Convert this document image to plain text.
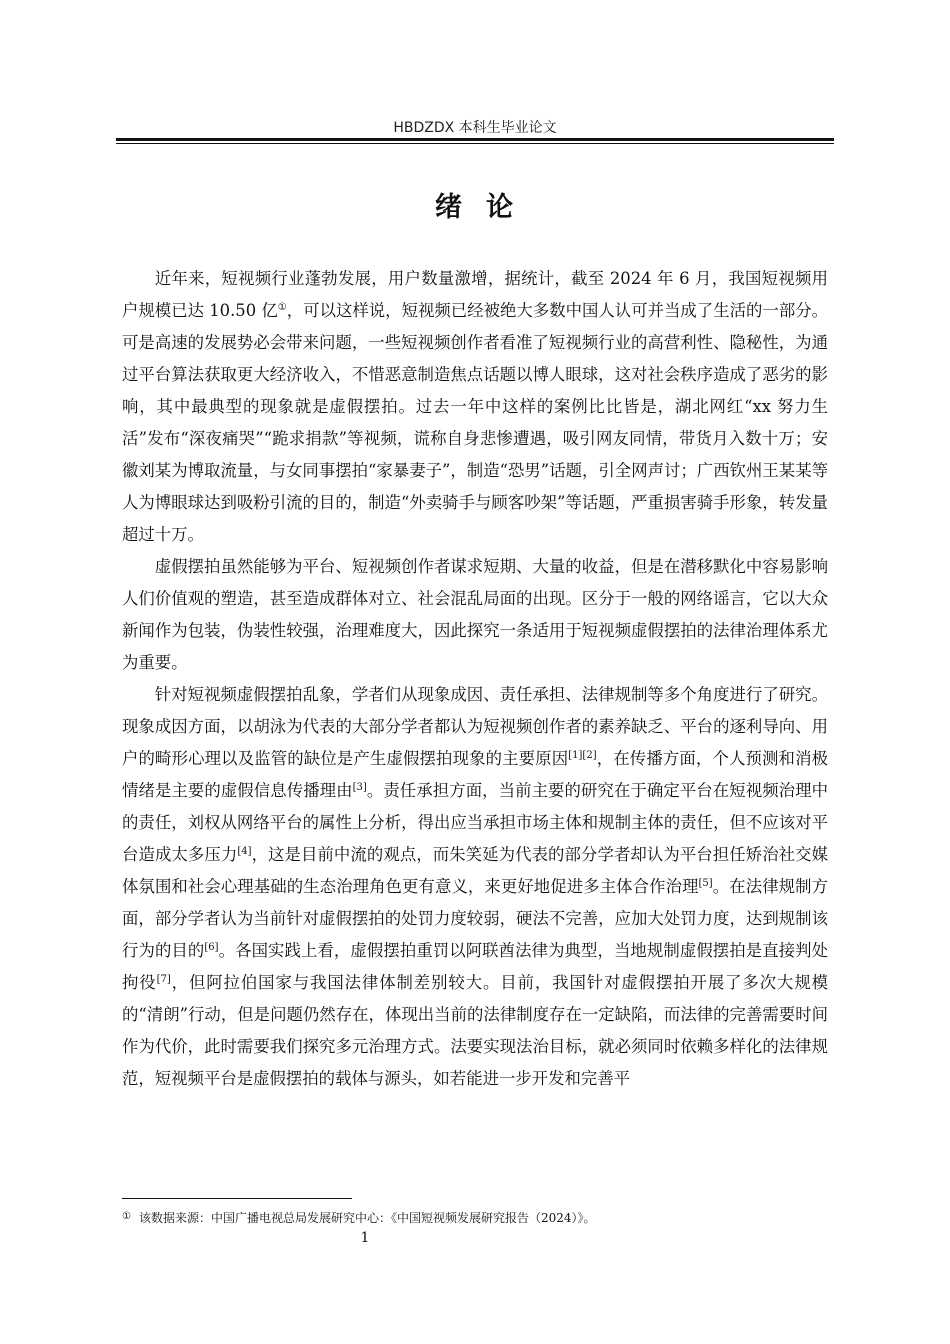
HBDZDX 本科生毕业论文
绪 论

近年来，短视频行业蓬勃发展，用户数量激增，据统计，截至 2024 年 6 月，我国短视频用户规模已达 10.50 亿①，可以这样说，短视频已经被绝大多数中国人认可并当成了生活的一部分。可是高速的发展势必会带来问题，一些短视频创作者看准了短视频行业的高营利性、隐秘性，为通过平台算法获取更大经济收入，不惜恶意制造焦点话题以博人眼球，这对社会秩序造成了恶劣的影响，其中最典型的现象就是虚假摆拍。过去一年中这样的案例比比皆是，湖北网红“xx 努力生活”发布“深夜痛哭”“跪求捐款”等视频，谎称自身悲惨遭遇，吸引网友同情，带货月入数十万；安徽刘某为博取流量，与女同事摆拍“家暴妻子”，制造“恐男”话题，引全网声讨；广西钦州王某某等人为博眼球达到吸粉引流的目的，制造“外卖骑手与顾客吵架”等话题，严重损害骑手形象，转发量超过十万。

虚假摆拍虽然能够为平台、短视频创作者谋求短期、大量的收益，但是在潜移默化中容易影响人们价值观的塑造，甚至造成群体对立、社会混乱局面的出现。区分于一般的网络谣言，它以大众新闻作为包装，伪装性较强，治理难度大，因此探究一条适用于短视频虚假摆拍的法律治理体系尤为重要。

针对短视频虚假摆拍乱象，学者们从现象成因、责任承担、法律规制等多个角度进行了研究。现象成因方面，以胡泳为代表的大部分学者都认为短视频创作者的素养缺乏、平台的逐利导向、用户的畸形心理以及监管的缺位是产生虚假摆拍现象的主要原因[1][2]，在传播方面，个人预测和消极情绪是主要的虚假信息传播理由[3]。责任承担方面，当前主要的研究在于确定平台在短视频治理中的责任，刘权从网络平台的属性上分析，得出应当承担市场主体和规制主体的责任，但不应该对平台造成太多压力[4]，这是目前中流的观点，而朱笑延为代表的部分学者却认为平台担任矫治社交媒体氛围和社会心理基础的生态治理角色更有意义，来更好地促进多主体合作治理[5]。在法律规制方面，部分学者认为当前针对虚假摆拍的处罚力度较弱，硬法不完善，应加大处罚力度，达到规制该行为的目的[6]。各国实践上看，虚假摆拍重罚以阿联酋法律为典型，当地规制虚假摆拍是直接判处拘役[7]，但阿拉伯国家与我国法律体制差别较大。目前，我国针对虚假摆拍开展了多次大规模的“清朗”行动，但是问题仍然存在，体现出当前的法律制度存在一定缺陷，而法律的完善需要时间作为代价，此时需要我们探究多元治理方式。法要实现法治目标，就必须同时依赖多样化的法律规范，短视频平台是虚假摆拍的载体与源头，如若能进一步开发和完善平

① 该数据来源：中国广播电视总局发展研究中心：《中国短视频发展研究报告（2024）》。
1
